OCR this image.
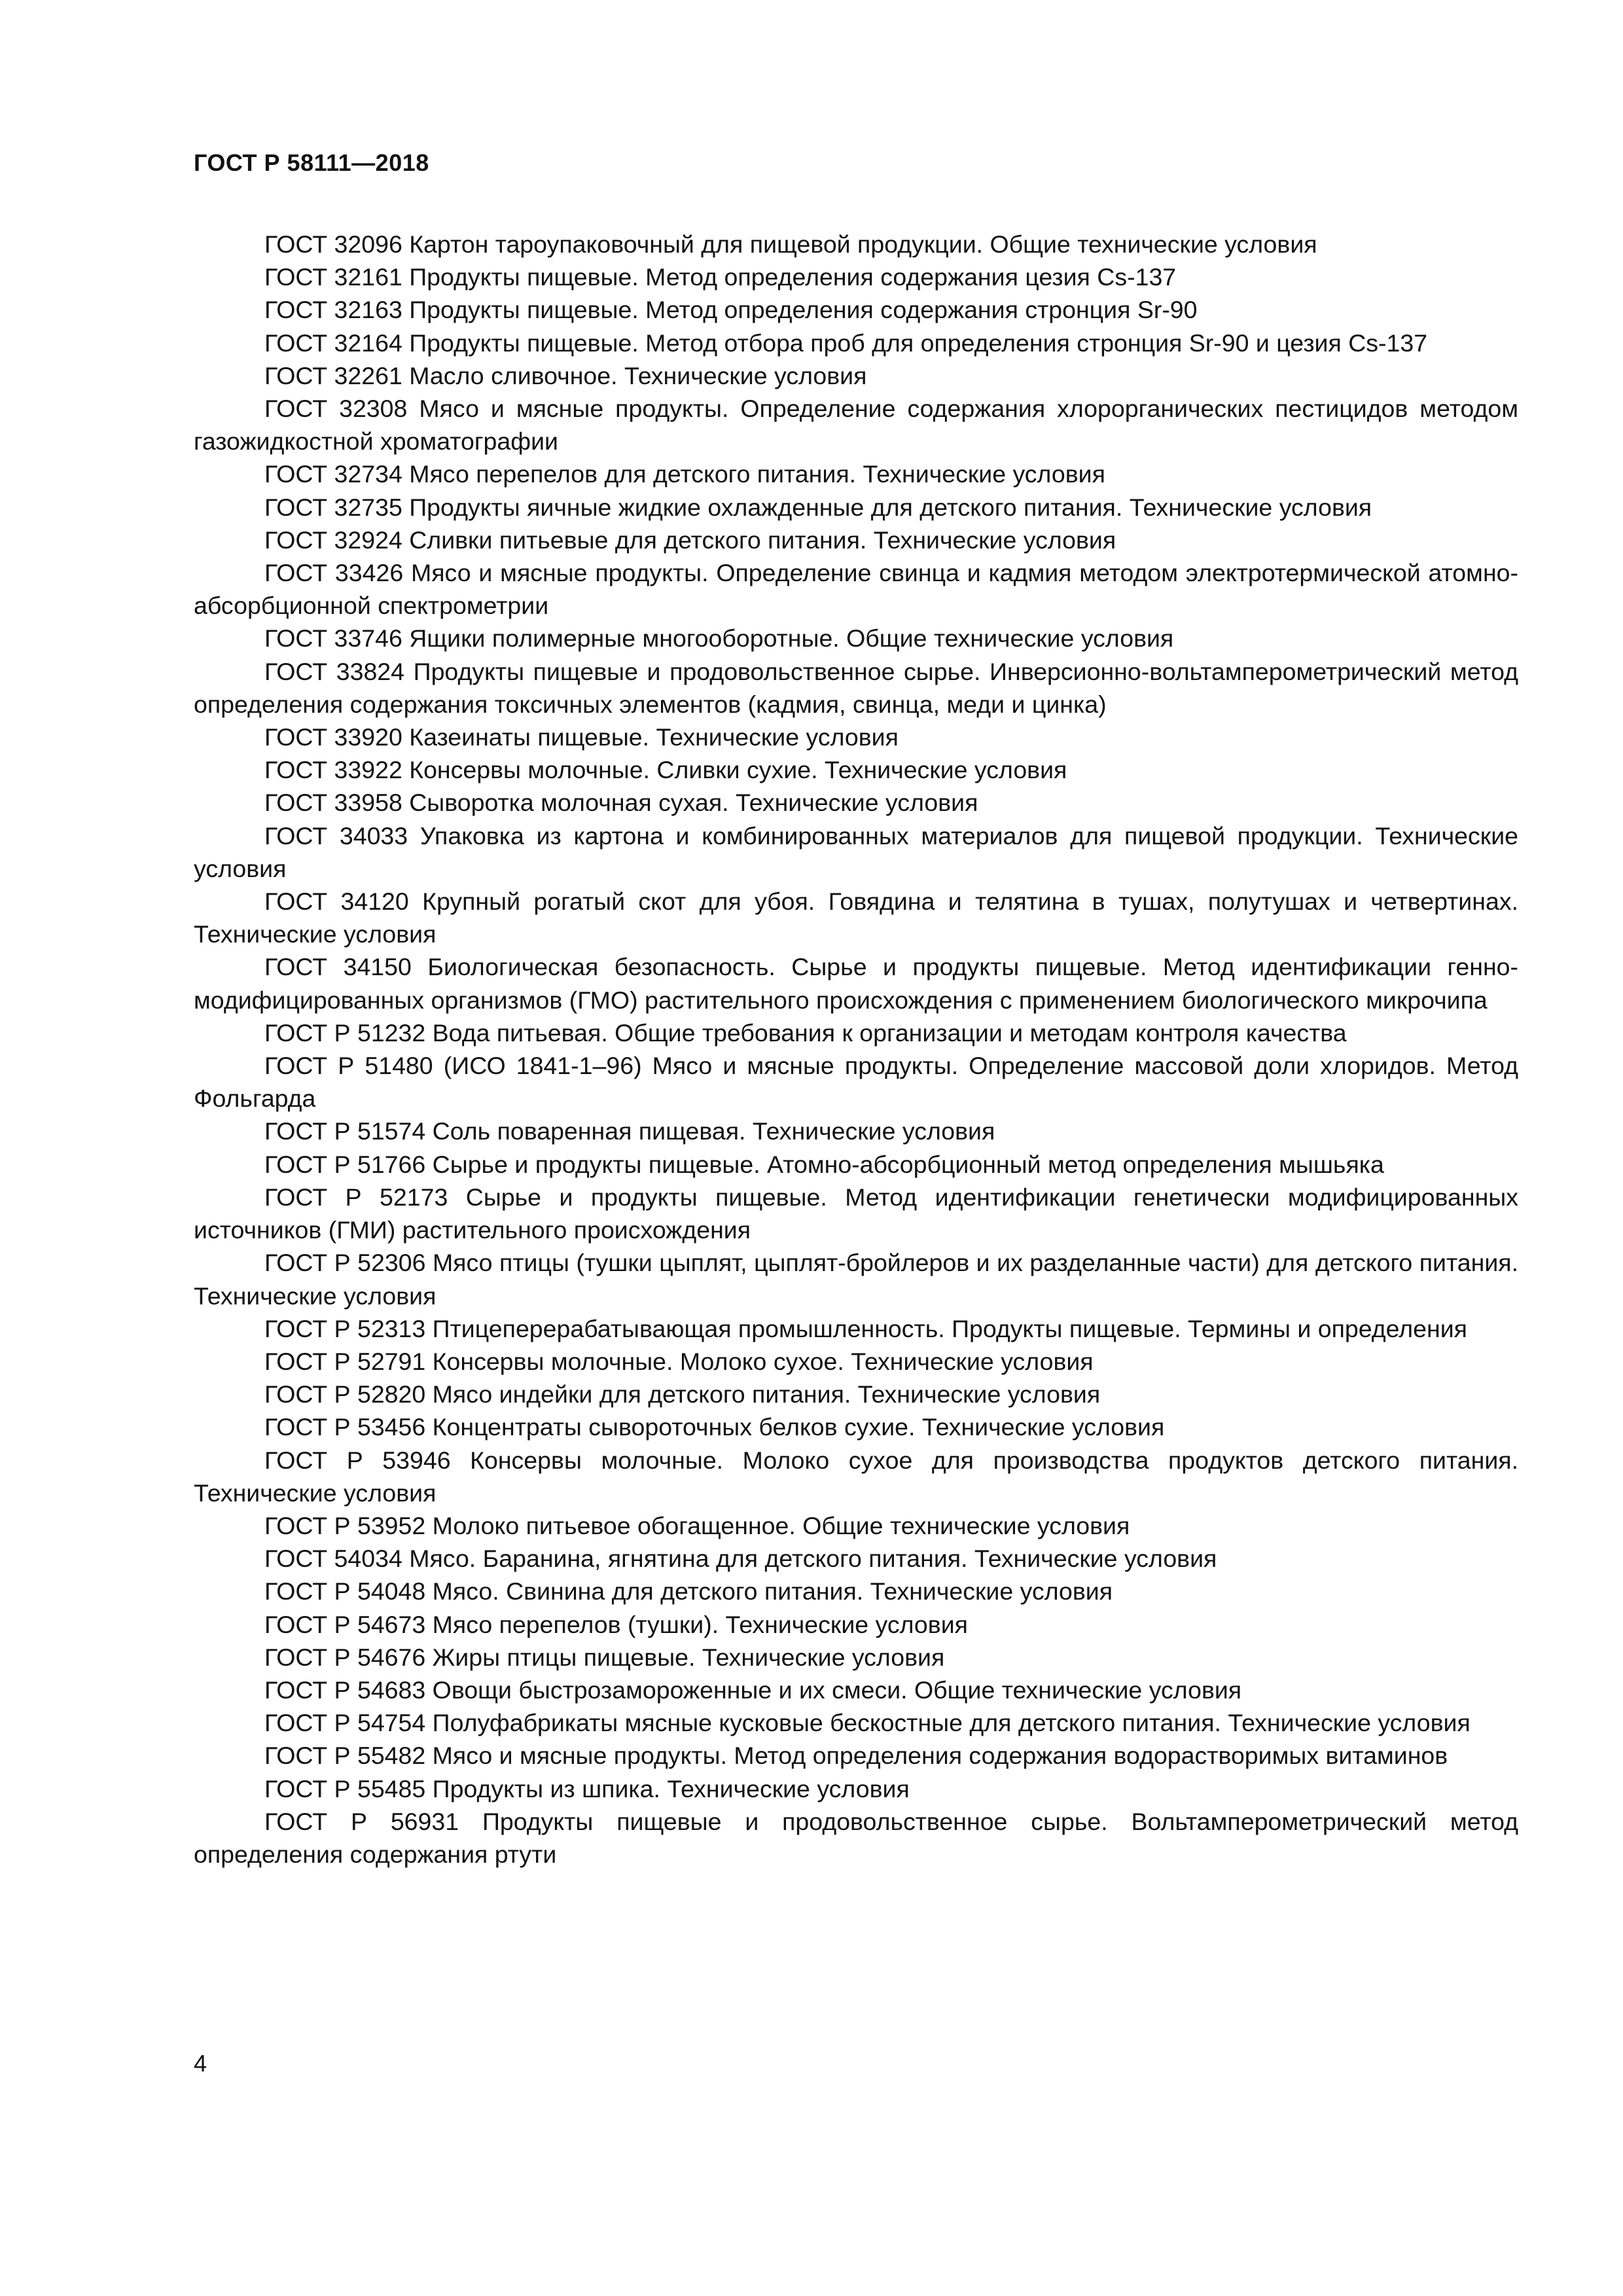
ГОСТ Р 58111—2018

ГОСТ 32096 Картон тароупаковочный для пищевой продукции. Общие технические условия

ГОСТ 32161 Продукты пищевые. Метод определения содержания цезия Cs-137

ГОСТ 32163 Продукты пищевые. Метод определения содержания стронция Sr-90

ГОСТ 32164 Продукты пищевые. Метод отбора проб для определения стронция Sr-90 и цезия Cs-137

ГОСТ 32261 Масло сливочное. Технические условия

ГОСТ 32308 Мясо и мясные продукты. Определение содержания хлорорганических пестицидов методом газожидкостной хроматографии

ГОСТ 32734 Мясо перепелов для детского питания. Технические условия

ГОСТ 32735 Продукты яичные жидкие охлажденные для детского питания. Технические условия

ГОСТ 32924 Сливки питьевые для детского питания. Технические условия

ГОСТ 33426 Мясо и мясные продукты. Определение свинца и кадмия методом электротермической атомно-абсорбционной спектрометрии

ГОСТ 33746 Ящики полимерные многооборотные. Общие технические условия

ГОСТ 33824 Продукты пищевые и продовольственное сырье. Инверсионно-вольтамперометрический метод определения содержания токсичных элементов (кадмия, свинца, меди и цинка)

ГОСТ 33920 Казеинаты пищевые. Технические условия

ГОСТ 33922 Консервы молочные. Сливки сухие. Технические условия

ГОСТ 33958 Сыворотка молочная сухая. Технические условия

ГОСТ 34033 Упаковка из картона и комбинированных материалов для пищевой продукции. Технические условия

ГОСТ 34120 Крупный рогатый скот для убоя. Говядина и телятина в тушах, полутушах и четвертинах. Технические условия

ГОСТ 34150 Биологическая безопасность. Сырье и продукты пищевые. Метод идентификации генно-модифицированных организмов (ГМО) растительного происхождения с применением биологического микрочипа

ГОСТ Р 51232 Вода питьевая. Общие требования к организации и методам контроля качества

ГОСТ Р 51480 (ИСО 1841-1–96) Мясо и мясные продукты. Определение массовой доли хлоридов. Метод Фольгарда

ГОСТ Р 51574 Соль поваренная пищевая. Технические условия

ГОСТ Р 51766 Сырье и продукты пищевые. Атомно-абсорбционный метод определения мышьяка

ГОСТ Р 52173 Сырье и продукты пищевые. Метод идентификации генетически модифицированных источников (ГМИ) растительного происхождения

ГОСТ Р 52306 Мясо птицы (тушки цыплят, цыплят-бройлеров и их разделанные части) для детского питания. Технические условия

ГОСТ Р 52313 Птицеперерабатывающая промышленность. Продукты пищевые. Термины и определения

ГОСТ Р 52791 Консервы молочные. Молоко сухое. Технические условия

ГОСТ Р 52820 Мясо индейки для детского питания. Технические условия

ГОСТ Р 53456 Концентраты сывороточных белков сухие. Технические условия

ГОСТ Р 53946 Консервы молочные. Молоко сухое для производства продуктов детского питания. Технические условия

ГОСТ Р 53952 Молоко питьевое обогащенное. Общие технические условия

ГОСТ 54034 Мясо. Баранина, ягнятина для детского питания. Технические условия

ГОСТ Р 54048 Мясо. Свинина для детского питания. Технические условия

ГОСТ Р 54673 Мясо перепелов (тушки). Технические условия

ГОСТ Р 54676 Жиры птицы пищевые. Технические условия

ГОСТ Р 54683 Овощи быстрозамороженные и их смеси. Общие технические условия

ГОСТ Р 54754 Полуфабрикаты мясные кусковые бескостные для детского питания. Технические условия

ГОСТ Р 55482 Мясо и мясные продукты. Метод определения содержания водорастворимых витаминов

ГОСТ Р 55485 Продукты из шпика. Технические условия

ГОСТ Р 56931 Продукты пищевые и продовольственное сырье. Вольтамперометрический метод определения содержания ртути

4
